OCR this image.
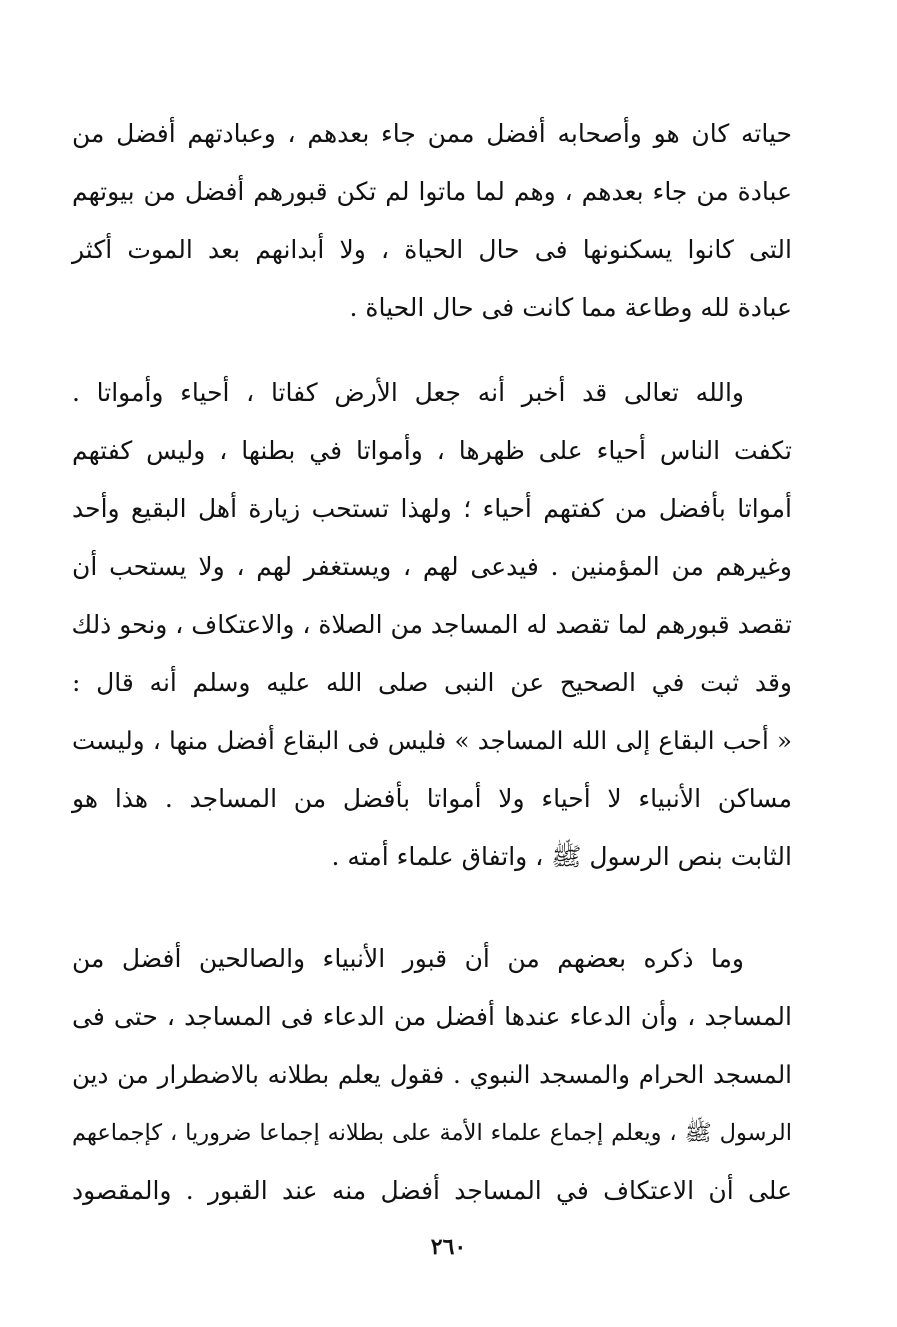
حياته كان هو وأصحابه أفضل ممن جاء بعدهم ، وعبادتهم أفضل من
عبادة من جاء بعدهم ، وهم لما ماتوا لم تكن قبورهم أفضل من بيوتهم
التى كانوا يسكنونها فى حال الحياة ، ولا أبدانهم بعد الموت أكثر
عبادة لله وطاعة مما كانت فى حال الحياة .
والله تعالى قد أخبر أنه جعل الأرض كفاتا ، أحياء وأمواتا .
تكفت الناس أحياء على ظهرها ، وأمواتا في بطنها ، وليس كفتهم
أمواتا بأفضل من كفتهم أحياء ؛ ولهذا تستحب زيارة أهل البقيع وأحد
وغيرهم من المؤمنين . فيدعى لهم ، ويستغفر لهم ، ولا يستحب أن
تقصد قبورهم لما تقصد له المساجد من الصلاة ، والاعتكاف ، ونحو ذلك
وقد ثبت في الصحيح عن النبى صلى الله عليه وسلم أنه قال :
« أحب البقاع إلى الله المساجد » فليس فى البقاع أفضل منها ، وليست
مساكن الأنبياء لا أحياء ولا أمواتا بأفضل من المساجد . هذا هو
الثابت بنص الرسول ﷺ ، واتفاق علماء أمته .
وما ذكره بعضهم من أن قبور الأنبياء والصالحين أفضل من
المساجد ، وأن الدعاء عندها أفضل من الدعاء فى المساجد ، حتى فى
المسجد الحرام والمسجد النبوي . فقول يعلم بطلانه بالاضطرار من دين
الرسول ﷺ ، ويعلم إجماع علماء الأمة على بطلانه إجماعا ضروريا ، كإجماعهم
على أن الاعتكاف في المساجد أفضل منه عند القبور . والمقصود
٢٦٠
